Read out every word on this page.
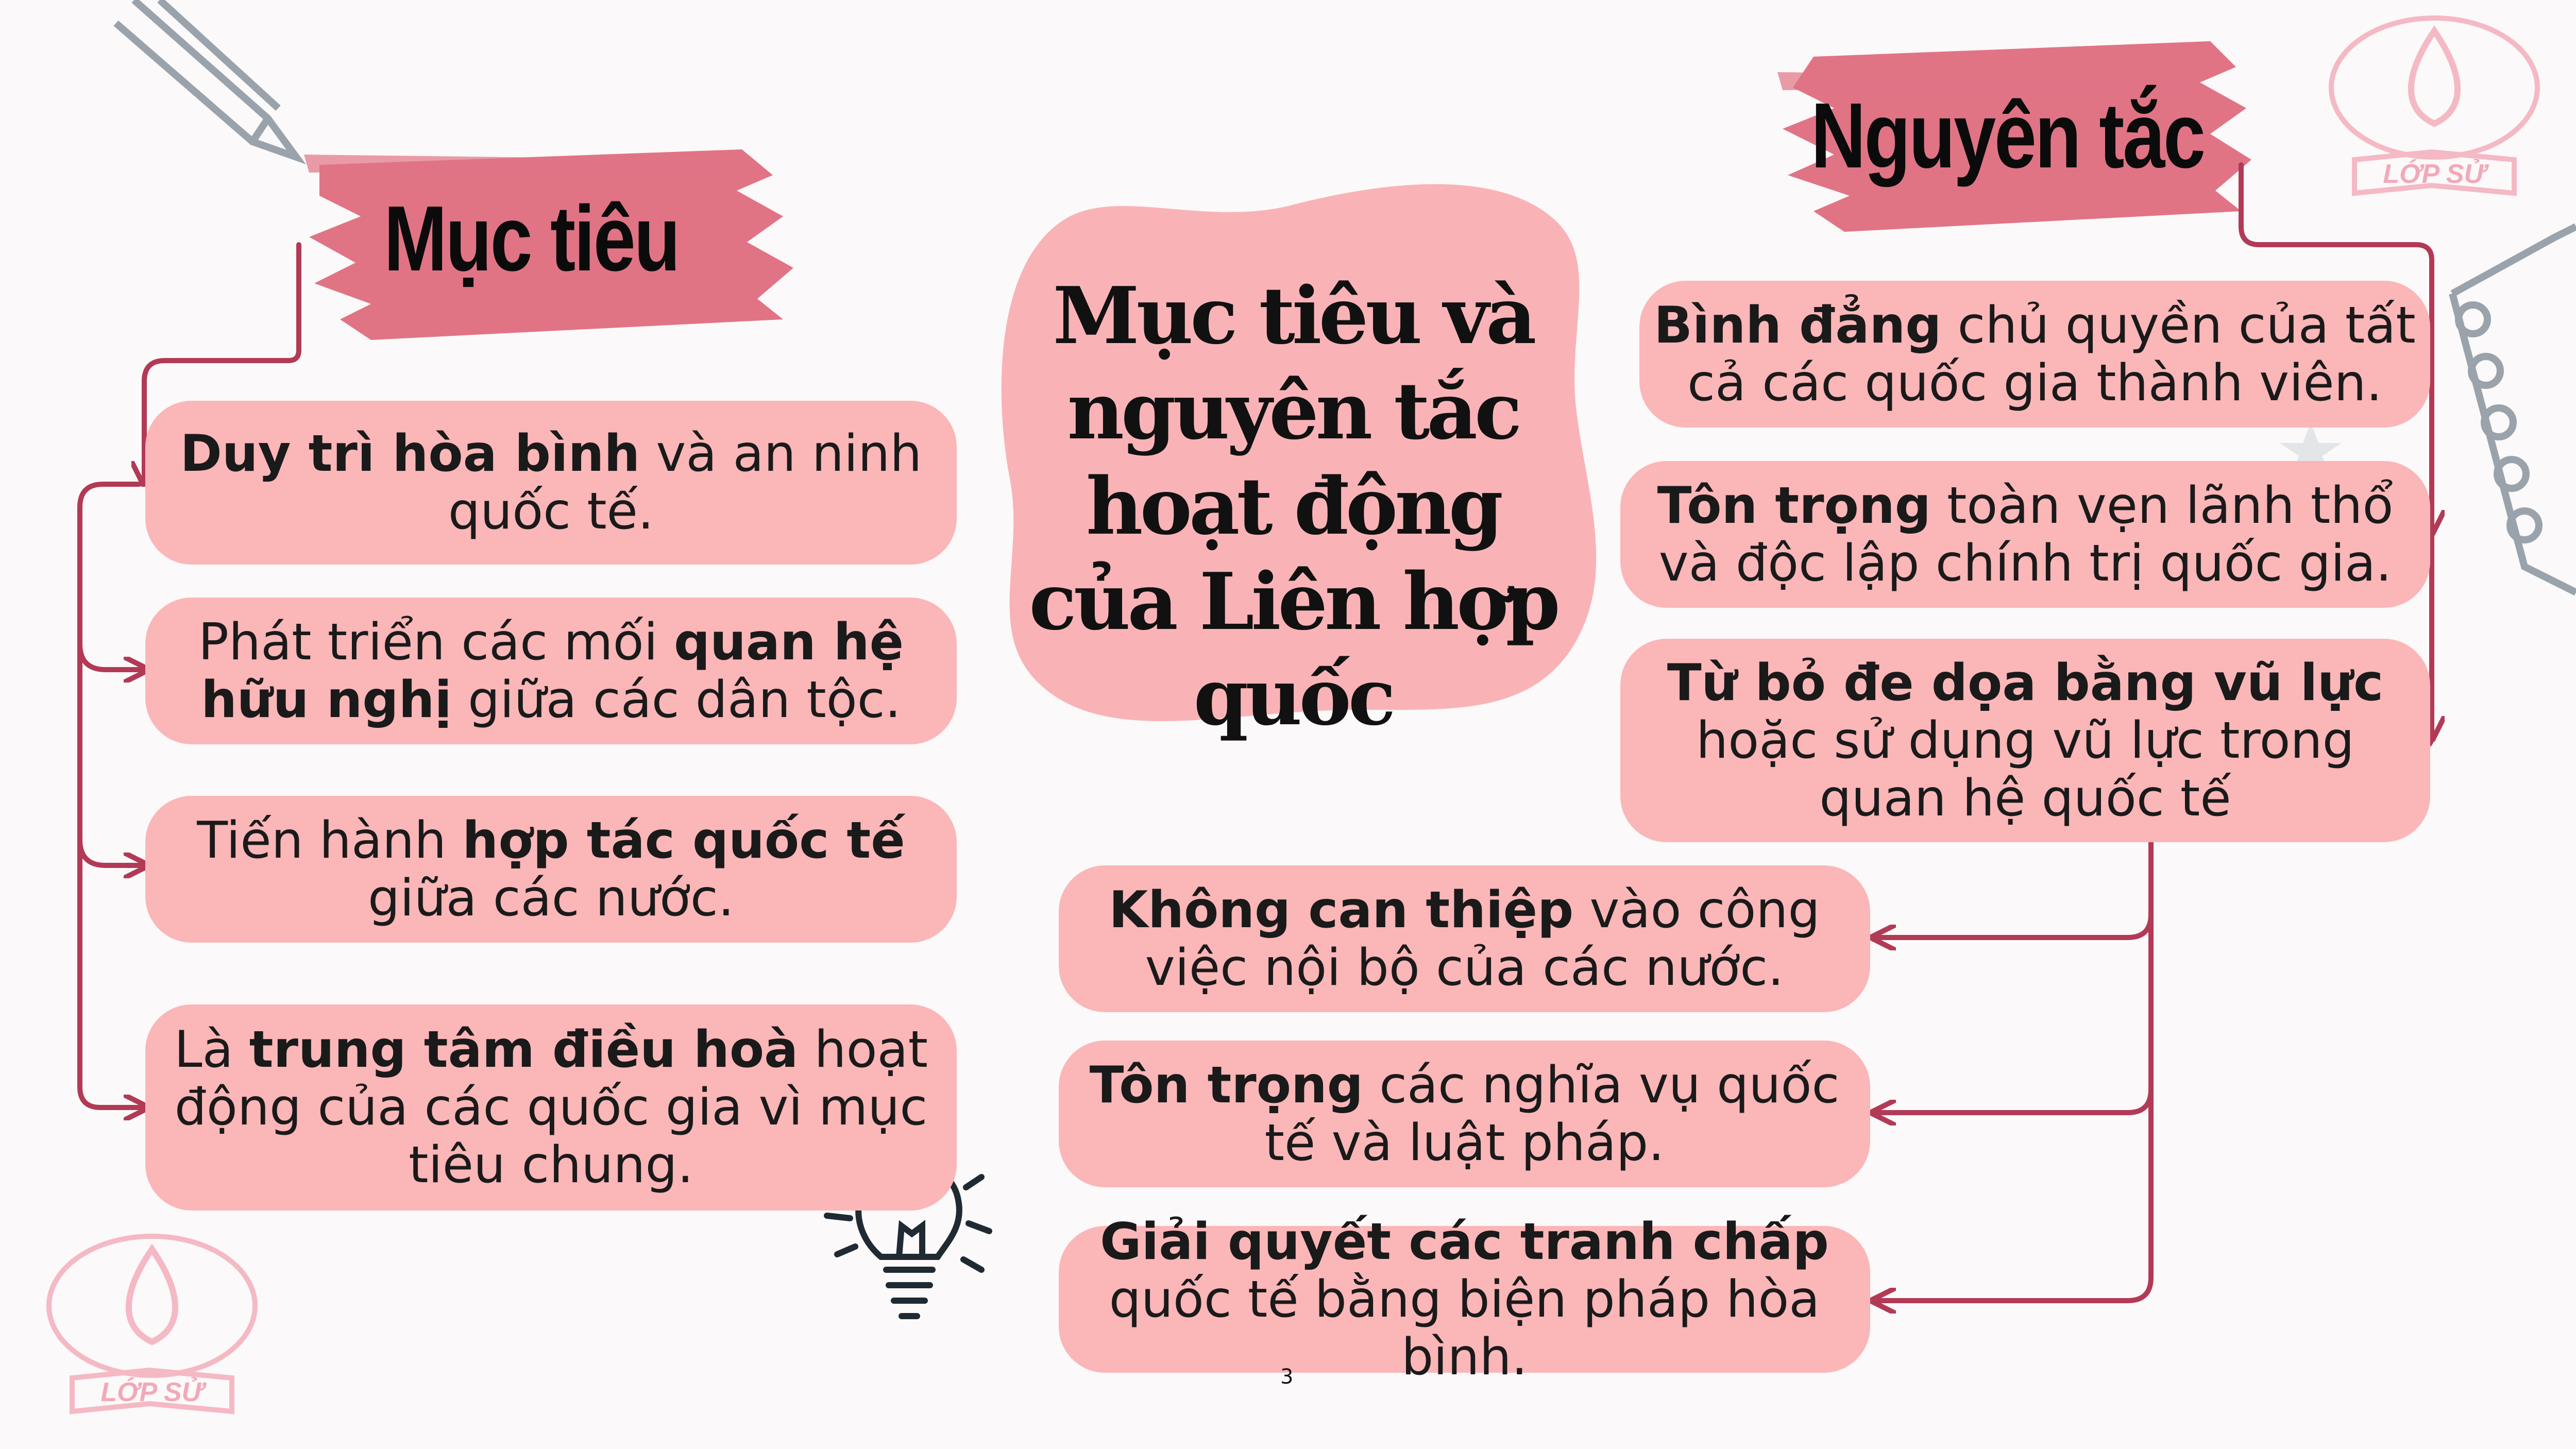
LỚP SỬ
LỚP SỬ
Mục tiêu
Nguyên tắc
Mục tiêu và nguyên tắc hoạt động của Liên hợp quốc
Duy trì hòa bình và an ninh quốc tế.
Phát triển các mối quan hệ hữu nghị giữa các dân tộc.
Tiến hành hợp tác quốc tế giữa các nước.
Là trung tâm điều hoà hoạt động của các quốc gia vì mục tiêu chung.
Bình đẳng chủ quyền của tất cả các quốc gia thành viên.
Tôn trọng toàn vẹn lãnh thổ và độc lập chính trị quốc gia.
Từ bỏ đe dọa bằng vũ lực hoặc sử dụng vũ lực trong quan hệ quốc tế
Không can thiệp vào công việc nội bộ của các nước.
Tôn trọng các nghĩa vụ quốc tế và luật pháp.
Giải quyết các tranh chấp quốc tế bằng biện pháp hòa bình.
3
